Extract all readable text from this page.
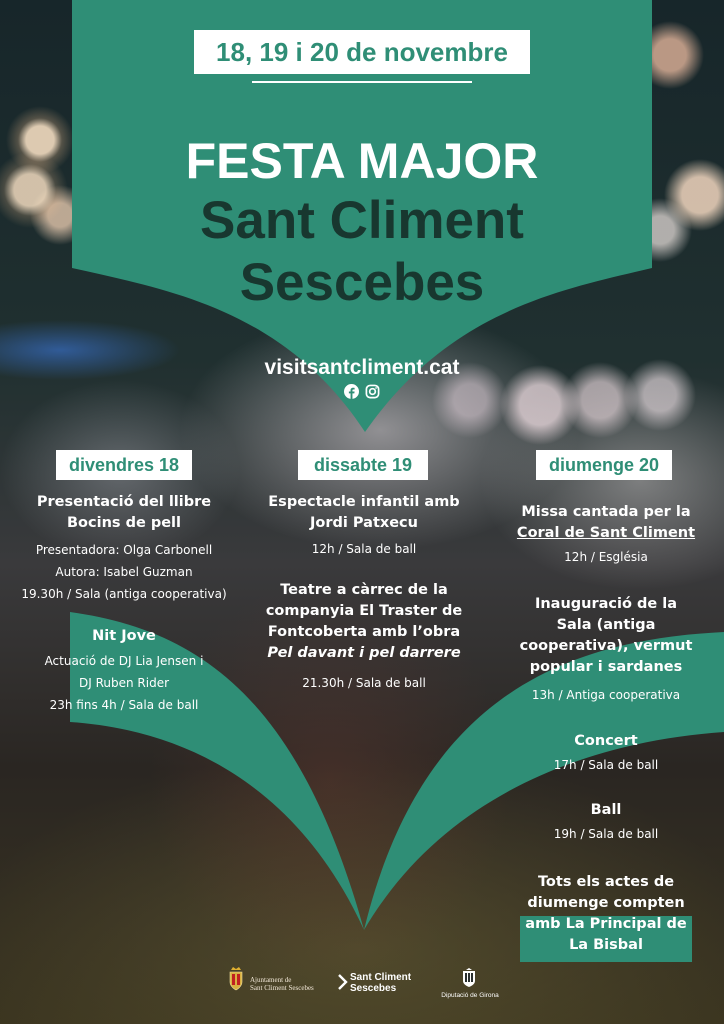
18, 19 i 20 de novembre
FESTA MAJOR
Sant Climent
Sescebes
visitsantcliment.cat
divendres 18
Presentació del llibre
Bocins de pell
Presentadora: Olga Carbonell
Autora: Isabel Guzman
19.30h / Sala (antiga cooperativa)
Nit Jove
Actuació de DJ Lia Jensen i
DJ Ruben Rider
23h fins 4h / Sala de ball
dissabte 19
Espectacle infantil amb
Jordi Patxecu
12h / Sala de ball
Teatre a càrrec de la
companyia El Traster de
Fontcoberta amb l’obra
Pel davant i pel darrere
21.30h / Sala de ball
diumenge 20
Missa cantada per la
Coral de Sant Climent
12h / Església
Inauguració de la
Sala (antiga
cooperativa), vermut
popular i sardanes
13h / Antiga cooperativa
Concert
17h / Sala de ball
Ball
19h / Sala de ball
Tots els actes de
diumenge compten
amb La Principal de
La Bisbal
Ajuntament de
Sant Climent Sescebes
Sant Climent
Sescebes
Diputació de Girona
